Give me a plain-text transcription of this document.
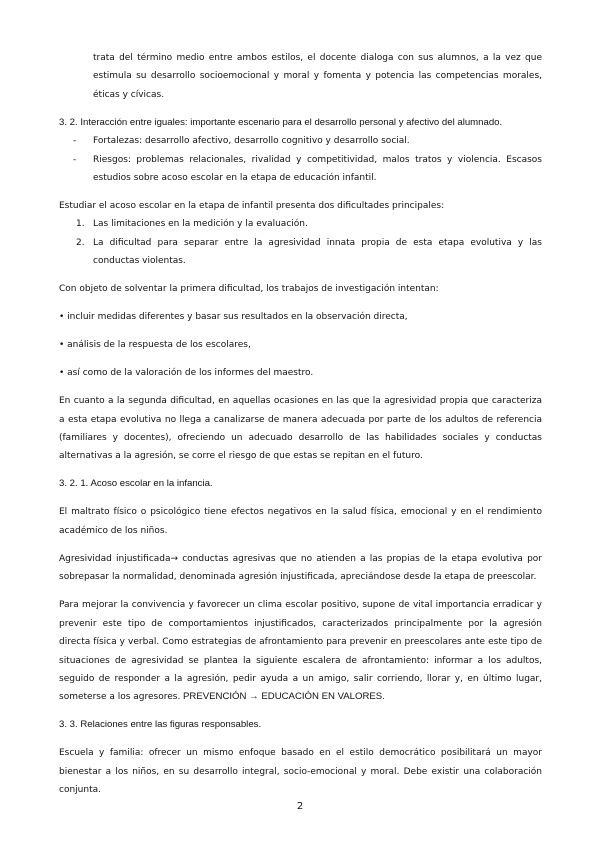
trata del término medio entre ambos estilos, el docente dialoga con sus alumnos, a la vez que estimula su desarrollo socioemocional y moral y fomenta y potencia las competencias morales, éticas y cívicas.

3. 2. Interacción entre iguales: importante escenario para el desarrollo personal y afectivo del alumnado.

- Fortalezas: desarrollo afectivo, desarrollo cognitivo y desarrollo social.
- Riesgos: problemas relacionales, rivalidad y competitividad, malos tratos y violencia. Escasos estudios sobre acoso escolar en la etapa de educación infantil.

Estudiar el acoso escolar en la etapa de infantil presenta dos dificultades principales:

1. Las limitaciones en la medición y la evaluación.
2. La dificultad para separar entre la agresividad innata propia de esta etapa evolutiva y las conductas violentas.

Con objeto de solventar la primera dificultad, los trabajos de investigación intentan:

• incluir medidas diferentes y basar sus resultados en la observación directa,

• análisis de la respuesta de los escolares,

• así como de la valoración de los informes del maestro.

En cuanto a la segunda dificultad, en aquellas ocasiones en las que la agresividad propia que caracteriza a esta etapa evolutiva no llega a canalizarse de manera adecuada por parte de los adultos de referencia (familiares y docentes), ofreciendo un adecuado desarrollo de las habilidades sociales y conductas alternativas a la agresión, se corre el riesgo de que estas se repitan en el futuro.

3. 2. 1. Acoso escolar en la infancia.

El maltrato físico o psicológico tiene efectos negativos en la salud física, emocional y en el rendimiento académico de los niños.

Agresividad injustificada→ conductas agresivas que no atienden a las propias de la etapa evolutiva por sobrepasar la normalidad, denominada agresión injustificada, apreciándose desde la etapa de preescolar.

Para mejorar la convivencia y favorecer un clima escolar positivo, supone de vital importancia erradicar y prevenir este tipo de comportamientos injustificados, caracterizados principalmente por la agresión directa física y verbal. Como estrategias de afrontamiento para prevenir en preescolares ante este tipo de situaciones de agresividad se plantea la siguiente escalera de afrontamiento: informar a los adultos, seguido de responder a la agresión, pedir ayuda a un amigo, salir corriendo, llorar y, en último lugar, someterse a los agresores. PREVENCIÓN → EDUCACIÓN EN VALORES.

3. 3. Relaciones entre las figuras responsables.

Escuela y familia: ofrecer un mismo enfoque basado en el estilo democrático posibilitará un mayor bienestar a los niños, en su desarrollo integral, socio-emocional y moral. Debe existir una colaboración conjunta.

2
